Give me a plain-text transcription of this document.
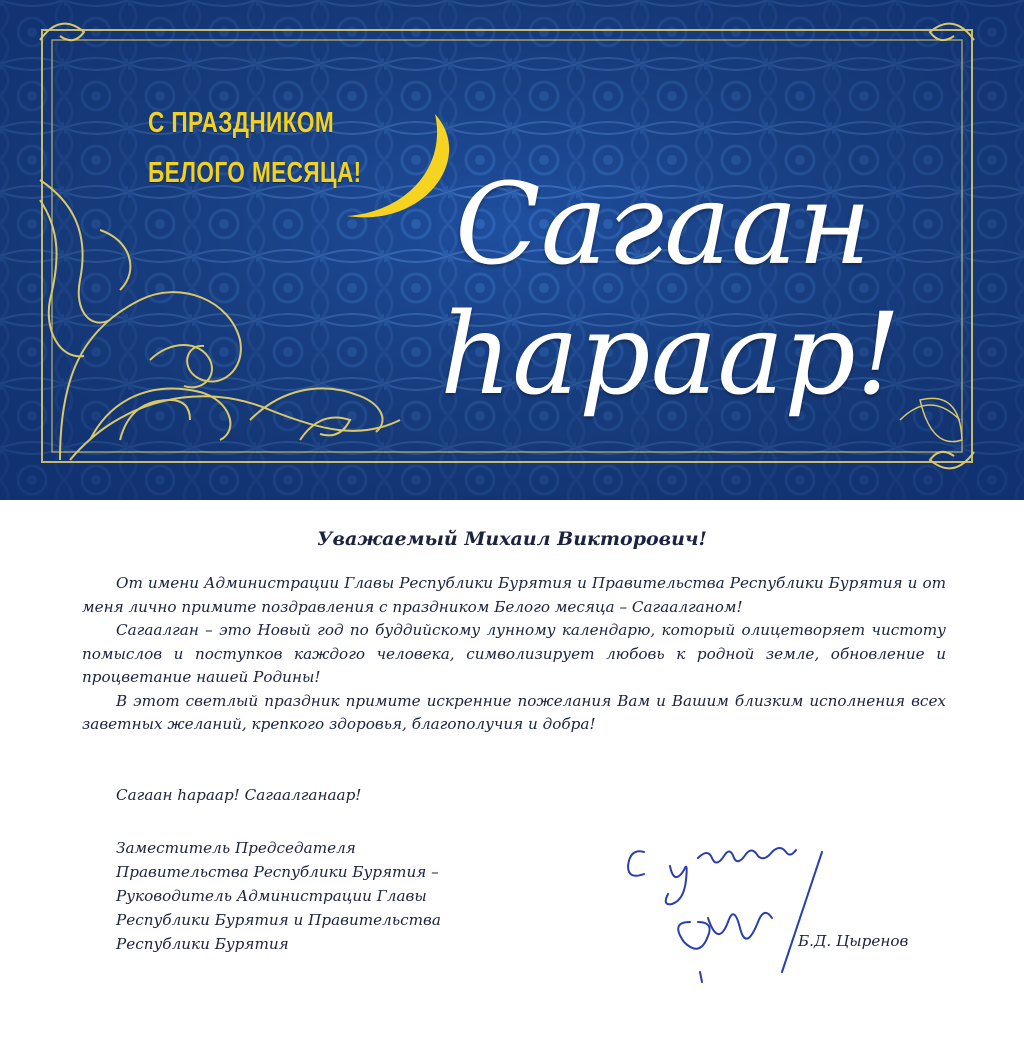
С ПРАЗДНИКОМ
БЕЛОГО МЕСЯЦА! Сагаан
hараар!
Уважаемый Михаил Викторович!

От имени Администрации Главы Республики Бурятия и Правительства Республики Бурятия и от меня лично примите поздравления с праздником Белого месяца – Сагаалганом!

Сагаалган – это Новый год по буддийскому лунному календарю, который олицетворяет чистоту помыслов и поступков каждого человека, символизирует любовь к родной земле, обновление и процветание нашей Родины!

В этот светлый праздник примите искренние пожелания Вам и Вашим близким исполнения всех заветных желаний, крепкого здоровья, благополучия и добра!

Сагаан hараар! Сагаалганаар!
Заместитель Председателя
Правительства Республики Бурятия –
Руководитель Администрации Главы
Республики Бурятия и Правительства
Республики Бурятия	Б.Д. Цыренов
